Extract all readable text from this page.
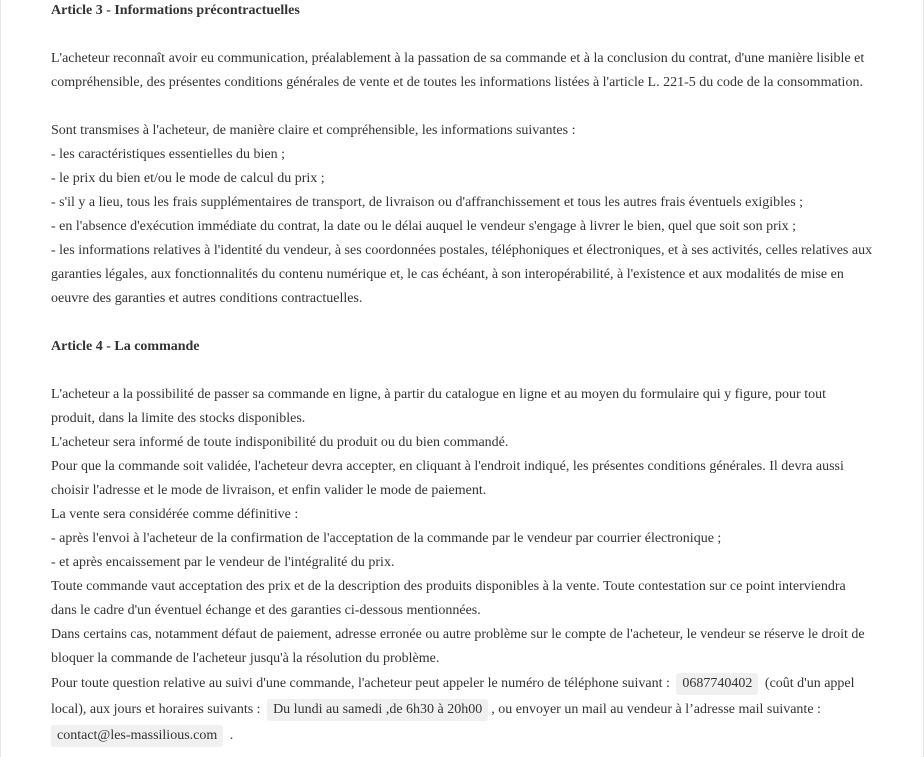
Article 3 - Informations précontractuelles
L'acheteur reconnaît avoir eu communication, préalablement à la passation de sa commande et à la conclusion du contrat, d'une manière lisible et
compréhensible, des présentes conditions générales de vente et de toutes les informations listées à l'article L. 221-5 du code de la consommation.
Sont transmises à l'acheteur, de manière claire et compréhensible, les informations suivantes :
- les caractéristiques essentielles du bien ;
- le prix du bien et/ou le mode de calcul du prix ;
- s'il y a lieu, tous les frais supplémentaires de transport, de livraison ou d'affranchissement et tous les autres frais éventuels exigibles ;
- en l'absence d'exécution immédiate du contrat, la date ou le délai auquel le vendeur s'engage à livrer le bien, quel que soit son prix ;
- les informations relatives à l'identité du vendeur, à ses coordonnées postales, téléphoniques et électroniques, et à ses activités, celles relatives aux
garanties légales, aux fonctionnalités du contenu numérique et, le cas échéant, à son interopérabilité, à l'existence et aux modalités de mise en
oeuvre des garanties et autres conditions contractuelles.
Article 4 - La commande
L'acheteur a la possibilité de passer sa commande en ligne, à partir du catalogue en ligne et au moyen du formulaire qui y figure, pour tout
produit, dans la limite des stocks disponibles.
L'acheteur sera informé de toute indisponibilité du produit ou du bien commandé.
Pour que la commande soit validée, l'acheteur devra accepter, en cliquant à l'endroit indiqué, les présentes conditions générales. Il devra aussi
choisir l'adresse et le mode de livraison, et enfin valider le mode de paiement.
La vente sera considérée comme définitive :
- après l'envoi à l'acheteur de la confirmation de l'acceptation de la commande par le vendeur par courrier électronique ;
- et après encaissement par le vendeur de l'intégralité du prix.
Toute commande vaut acceptation des prix et de la description des produits disponibles à la vente. Toute contestation sur ce point interviendra
dans le cadre d'un éventuel échange et des garanties ci-dessous mentionnées.
Dans certains cas, notamment défaut de paiement, adresse erronée ou autre problème sur le compte de l'acheteur, le vendeur se réserve le droit de
bloquer la commande de l'acheteur jusqu'à la résolution du problème.
Pour toute question relative au suivi d'une commande, l'acheteur peut appeler le numéro de téléphone suivant : 0687740402 (coût d'un appel
local), aux jours et horaires suivants : Du lundi au samedi ,de 6h30 à 20h00 , ou envoyer un mail au vendeur à l’adresse mail suivante :
contact@les-massilious.com .
